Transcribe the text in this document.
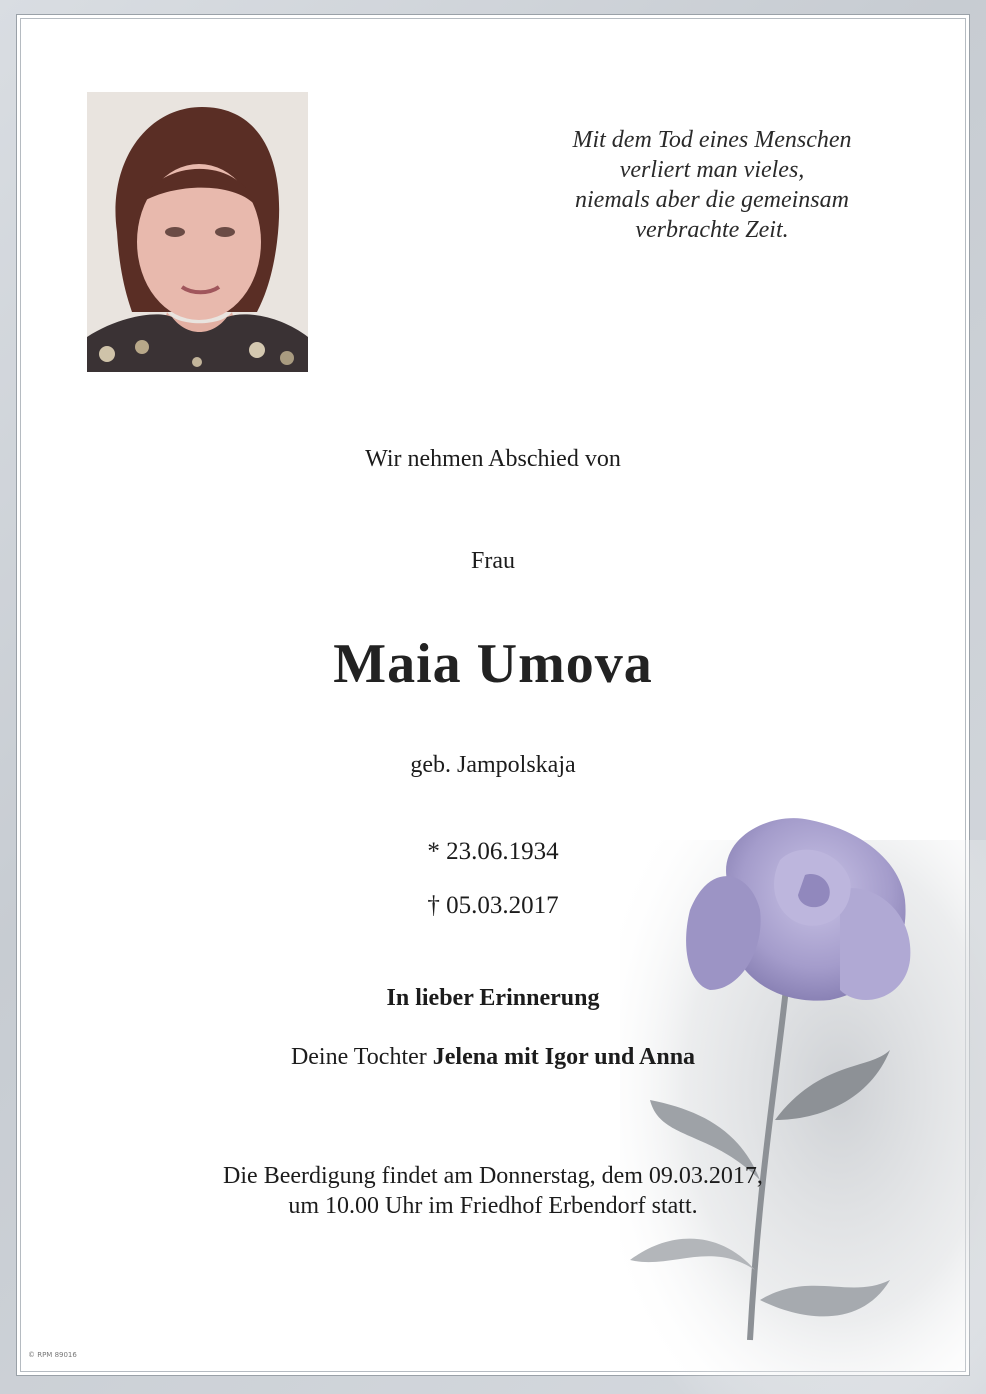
Mit dem Tod eines Menschen
verliert man vieles,
niemals aber die gemeinsam
verbrachte Zeit.
Wir nehmen Abschied von
Frau
Maia Umova
geb. Jampolskaja
* 23.06.1934
† 05.03.2017
In lieber Erinnerung
Deine Tochter Jelena mit Igor und Anna
Die Beerdigung findet am Donnerstag, dem 09.03.2017,
um 10.00 Uhr im Friedhof Erbendorf statt.
© RPM 89016
